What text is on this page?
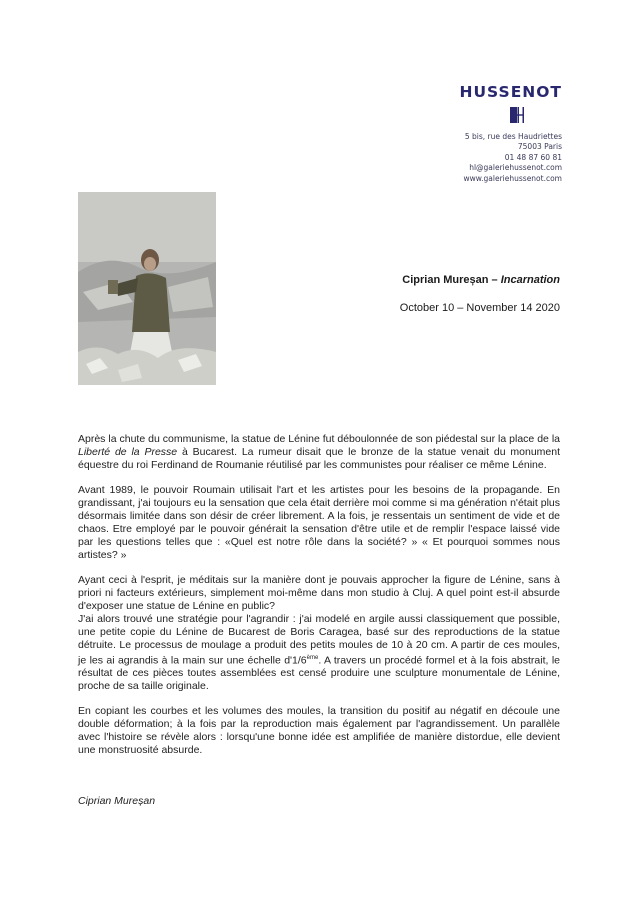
HUSSENOT
5 bis, rue des Haudriettes
75003 Paris
01 48 87 60 81
hl@galeriehussenot.com
www.galeriehussenot.com
Ciprian Mureșan – Incarnation
October 10 – November 14 2020

Après la chute du communisme, la statue de Lénine fut déboulonnée de son piédestal sur la place de la Liberté de la Presse à Bucarest. La rumeur disait que le bronze de la statue venait du monument équestre du roi Ferdinand de Roumanie réutilisé par les communistes pour réaliser ce même Lénine.

Avant 1989, le pouvoir Roumain utilisait l'art et les artistes pour les besoins de la propagande. En grandissant, j'ai toujours eu la sensation que cela était derrière moi comme si ma génération n'était plus désormais limitée dans son désir de créer librement. A la fois, je ressentais un sentiment de vide et de chaos. Etre employé par le pouvoir générait la sensation d'être utile et de remplir l'espace laissé vide par les questions telles que : «Quel est notre rôle dans la société? » « Et pourquoi sommes nous artistes? »

Ayant ceci à l'esprit, je méditais sur la manière dont je pouvais approcher la figure de Lénine, sans à priori ni facteurs extérieurs, simplement moi-même dans mon studio à Cluj. A quel point est-il absurde d'exposer une statue de Lénine en public?

J'ai alors trouvé une stratégie pour l'agrandir : j'ai modelé en argile aussi classiquement que possible, une petite copie du Lénine de Bucarest de Boris Caragea, basé sur des reproductions de la statue détruite. Le processus de moulage a produit des petits moules de 10 à 20 cm. A partir de ces moules, je les ai agrandis à la main sur une échelle d'1/6ème. A travers un procédé formel et à la fois abstrait, le résultat de ces pièces toutes assemblées est censé produire une sculpture monumentale de Lénine, proche de sa taille originale.

En copiant les courbes et les volumes des moules, la transition du positif au négatif en découle une double déformation; à la fois par la reproduction mais également par l'agrandissement. Un parallèle avec l'histoire se révèle alors : lorsqu'une bonne idée est amplifiée de manière distordue, elle devient une monstruosité absurde.

Ciprian Mureșan
